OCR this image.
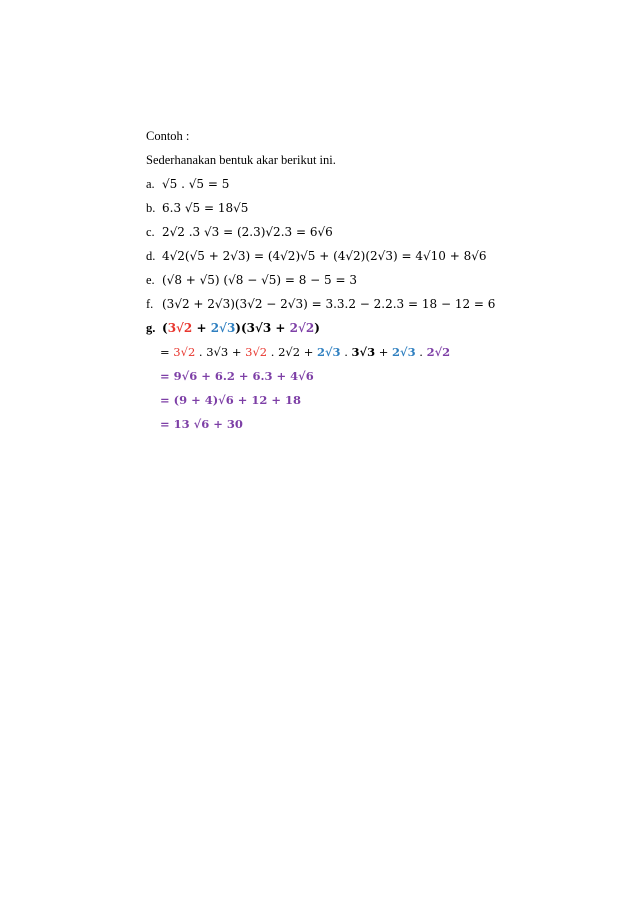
Contoh :
Sederhanakan bentuk akar berikut ini.
a. √5 . √5 = 5
b. 6.3 √5 = 18√5
c. 2√2 .3 √3 = (2.3)√2.3 = 6√6
d. 4√2(√5 + 2√3) = (4√2)√5 + (4√2)(2√3) = 4√10 + 8√6
e. (√8 + √5) (√8 − √5) = 8 − 5 = 3
f. (3√2 + 2√3)(3√2 − 2√3) = 3.3.2 − 2.2.3 = 18 − 12 = 6
g. (3√2 + 2√3)(3√3 + 2√2)
= 3√2 . 3√3 + 3√2 . 2√2 + 2√3 . 3√3 + 2√3 . 2√2
= 9√6 + 6.2 + 6.3 + 4√6
= (9 + 4)√6 + 12 + 18
= 13 √6 + 30
